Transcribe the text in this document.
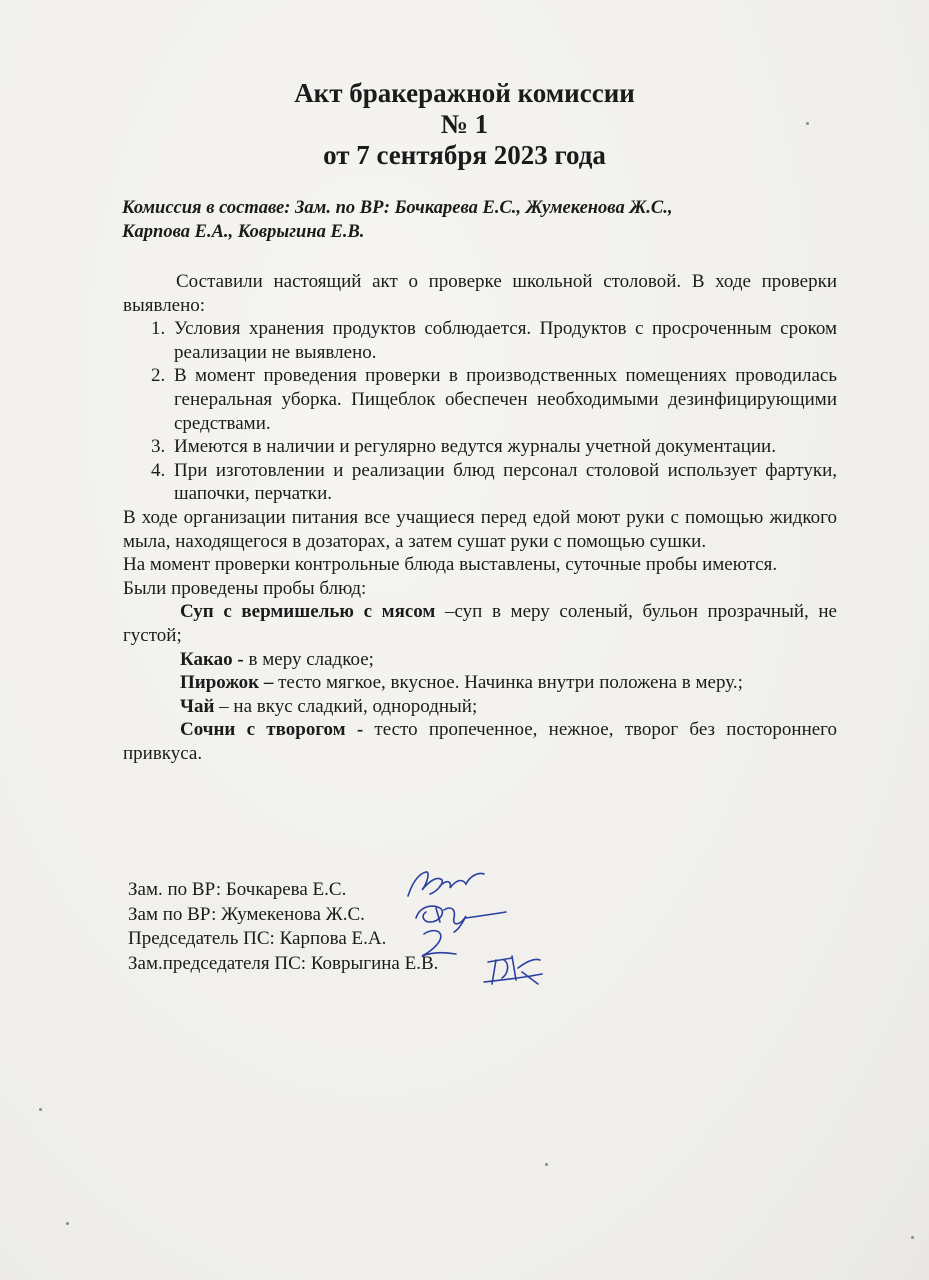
Акт бракеражной комиссии
№ 1
от 7 сентября 2023 года
Комиссия в составе: Зам. по ВР: Бочкарева Е.С., Жумекенова Ж.С.,
Карпова Е.А., Коврыгина Е.В.

Составили настоящий акт о проверке школьной столовой. В ходе проверки выявлено:

1. Условия хранения продуктов соблюдается. Продуктов с просроченным сроком реализации не выявлено.
2. В момент проведения проверки в производственных помещениях проводилась генеральная уборка. Пищеблок обеспечен необходимыми дезинфицирующими средствами.
3. Имеются в наличии и регулярно ведутся журналы учетной документации.
4. При изготовлении и реализации блюд персонал столовой использует фартуки, шапочки, перчатки.

В ходе организации питания все учащиеся перед едой моют руки с помощью жидкого мыла, находящегося в дозаторах, а затем сушат руки с помощью сушки.

На момент проверки контрольные блюда выставлены, суточные пробы имеются.

Были проведены пробы блюд:

Суп с вермишелью с мясом –суп в меру соленый, бульон прозрачный, не густой;

Какао - в меру сладкое;

Пирожок – тесто мягкое, вкусное. Начинка внутри положена в меру.;

Чай – на вкус сладкий, однородный;

Сочни с творогом - тесто пропеченное, нежное, творог без постороннего привкуса.

Зам. по ВР: Бочкарева Е.С.
Зам по ВР: Жумекенова Ж.С.
Председатель ПС: Карпова Е.А.
Зам.председателя ПС: Коврыгина Е.В.
